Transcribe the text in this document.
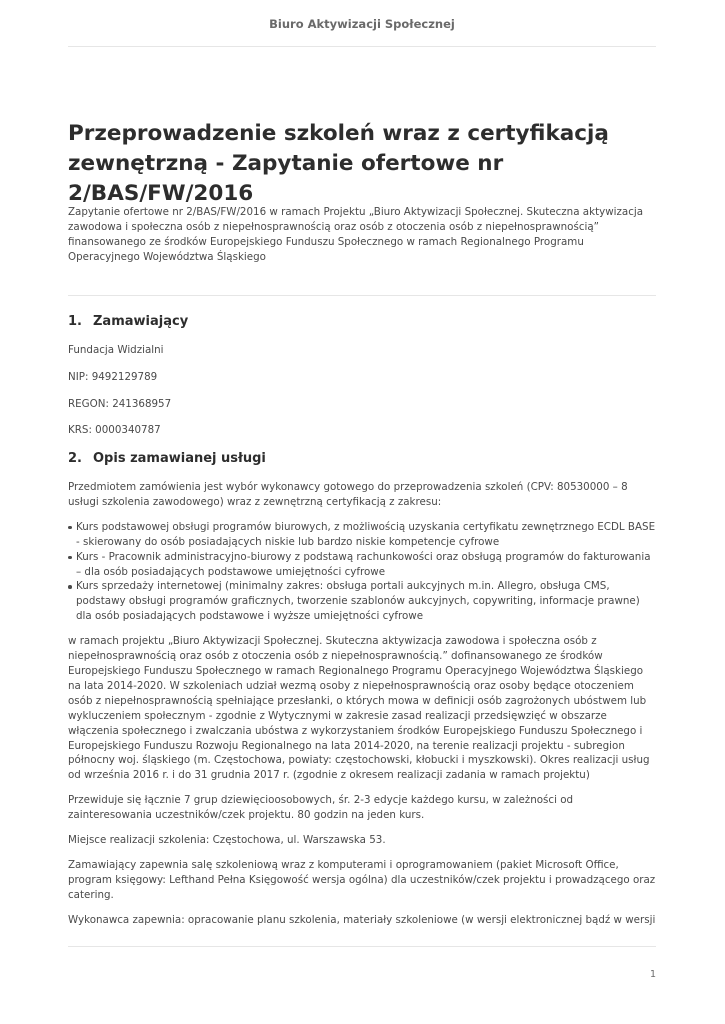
Biuro Aktywizacji Społecznej
Przeprowadzenie szkoleń wraz z certyfikacją zewnętrzną - Zapytanie ofertowe nr 2/BAS/FW/2016

Zapytanie ofertowe nr 2/BAS/FW/2016 w ramach Projektu „Biuro Aktywizacji Społecznej. Skuteczna aktywizacja zawodowa i społeczna osób z niepełnosprawnością oraz osób z otoczenia osób z niepełnosprawnością” finansowanego ze środków Europejskiego Funduszu Społecznego w ramach Regionalnego Programu Operacyjnego Województwa Śląskiego

1. Zamawiający

Fundacja Widzialni

NIP: 9492129789

REGON: 241368957

KRS: 0000340787

2. Opis zamawianej usługi

Przedmiotem zamówienia jest wybór wykonawcy gotowego do przeprowadzenia szkoleń (CPV: 80530000 – 8 usługi szkolenia zawodowego) wraz z zewnętrzną certyfikacją z zakresu:

Kurs podstawowej obsługi programów biurowych, z możliwością uzyskania certyfikatu zewnętrznego ECDL BASE - skierowany do osób posiadających niskie lub bardzo niskie kompetencje cyfrowe
Kurs - Pracownik administracyjno-biurowy z podstawą rachunkowości oraz obsługą programów do fakturowania – dla osób posiadających podstawowe umiejętności cyfrowe
Kurs sprzedaży internetowej (minimalny zakres: obsługa portali aukcyjnych m.in. Allegro, obsługa CMS, podstawy obsługi programów graficznych, tworzenie szablonów aukcyjnych, copywriting, informacje prawne) dla osób posiadających podstawowe i wyższe umiejętności cyfrowe

w ramach projektu „Biuro Aktywizacji Społecznej. Skuteczna aktywizacja zawodowa i społeczna osób z niepełnosprawnością oraz osób z otoczenia osób z niepełnosprawnością.” dofinansowanego ze środków Europejskiego Funduszu Społecznego w ramach Regionalnego Programu Operacyjnego Województwa Śląskiego na lata 2014-2020. W szkoleniach udział wezmą osoby z niepełnosprawnością oraz osoby będące otoczeniem osób z niepełnosprawnością spełniające przesłanki, o których mowa w definicji osób zagrożonych ubóstwem lub wykluczeniem społecznym - zgodnie z Wytycznymi w zakresie zasad realizacji przedsięwzięć w obszarze włączenia społecznego i zwalczania ubóstwa z wykorzystaniem środków Europejskiego Funduszu Społecznego i Europejskiego Funduszu Rozwoju Regionalnego na lata 2014-2020, na terenie realizacji projektu - subregion północny woj. śląskiego (m. Częstochowa, powiaty: częstochowski, kłobucki i myszkowski). Okres realizacji usług od września 2016 r. i do 31 grudnia 2017 r. (zgodnie z okresem realizacji zadania w ramach projektu)

Przewiduje się łącznie 7 grup dziewięcioosobowych, śr. 2-3 edycje każdego kursu, w zależności od zainteresowania uczestników/czek projektu. 80 godzin na jeden kurs.

Miejsce realizacji szkolenia: Częstochowa, ul. Warszawska 53.

Zamawiający zapewnia salę szkoleniową wraz z komputerami i oprogramowaniem (pakiet Microsoft Office, program księgowy: Lefthand Pełna Księgowość wersja ogólna) dla uczestników/czek projektu i prowadzącego oraz catering.

Wykonawca zapewnia: opracowanie planu szkolenia, materiały szkoleniowe (w wersji elektronicznej bądź w wersji

1
